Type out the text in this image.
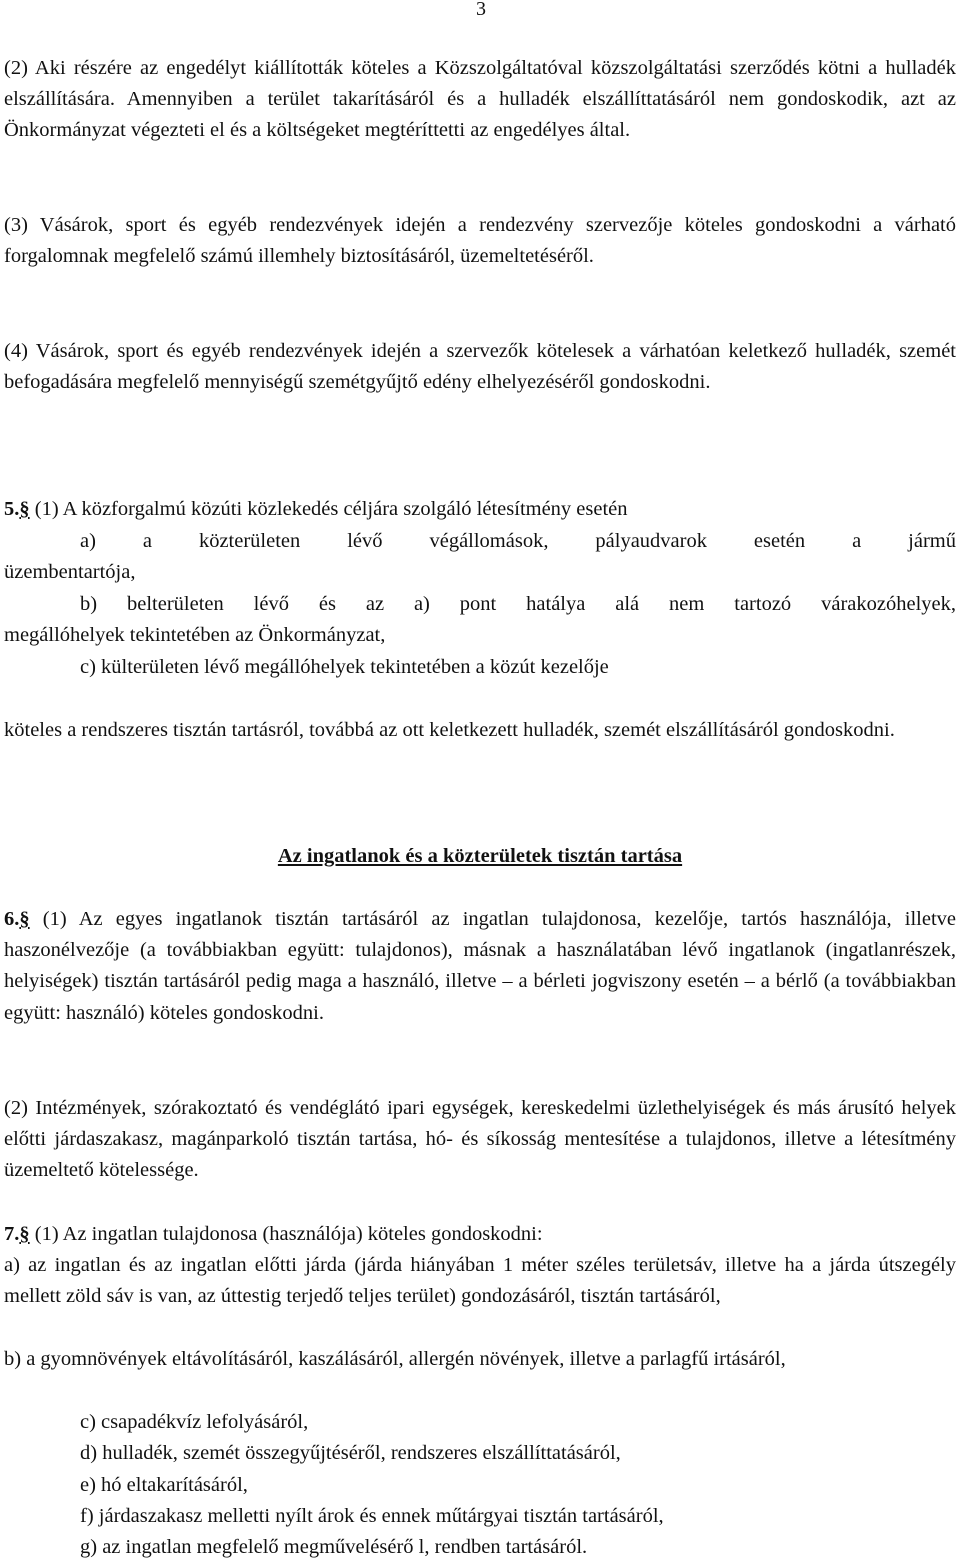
3

(2) Aki részére az engedélyt kiállították köteles a Közszolgáltatóval közszolgáltatási szerződés kötni a hulladék elszállítására. Amennyiben a terület takarításáról és a hulladék elszállíttatásáról nem gondoskodik, azt az Önkormányzat végezteti el és a költségeket megtéríttetti az engedélyes által.

(3) Vásárok, sport és egyéb rendezvények idején a rendezvény szervezője köteles gondoskodni a várható forgalomnak megfelelő számú illemhely biztosításáról, üzemeltetéséről.

(4) Vásárok, sport és egyéb rendezvények idején a szervezők kötelesek a várhatóan keletkező hulladék, szemét befogadására megfelelő mennyiségű szemétgyűjtő edény elhelyezéséről gondoskodni.

5.§ (1) A közforgalmú közúti közlekedés céljára szolgáló létesítmény esetén

a) a közterületen lévő végállomások, pályaudvarok esetén a jármű

üzembentartója,

b) belterületen lévő és az a) pont hatálya alá nem tartozó várakozóhelyek,

megállóhelyek tekintetében az Önkormányzat,

c) külterületen lévő megállóhelyek tekintetében a közút kezelője

köteles a rendszeres tisztán tartásról, továbbá az ott keletkezett hulladék, szemét elszállításáról gondoskodni.

Az ingatlanok és a közterületek tisztán tartása

6.§ (1) Az egyes ingatlanok tisztán tartásáról az ingatlan tulajdonosa, kezelője, tartós használója, illetve haszonélvezője (a továbbiakban együtt: tulajdonos), másnak a használatában lévő ingatlanok (ingatlanrészek, helyiségek) tisztán tartásáról pedig maga a használó, illetve – a bérleti jogviszony esetén – a bérlő (a továbbiakban együtt: használó) köteles gondoskodni.

(2) Intézmények, szórakoztató és vendéglátó ipari egységek, kereskedelmi üzlethelyiségek és más árusító helyek előtti járdaszakasz, magánparkoló tisztán tartása, hó- és síkosság mentesítése a tulajdonos, illetve a létesítmény üzemeltető kötelessége.

7.§ (1) Az ingatlan tulajdonosa (használója) köteles gondoskodni:

a) az ingatlan és az ingatlan előtti járda (járda hiányában 1 méter széles területsáv, illetve ha a járda útszegély mellett zöld sáv is van, az úttestig terjedő teljes terület) gondozásáról, tisztán tartásáról,

b) a gyomnövények eltávolításáról, kaszálásáról, allergén növények, illetve a parlagfű irtásáról,

c) csapadékvíz lefolyásáról,

d) hulladék, szemét összegyűjtéséről, rendszeres elszállíttatásáról,

e) hó eltakarításáról,

f) járdaszakasz melletti nyílt árok és ennek műtárgyai tisztán tartásáról,

g) az ingatlan megfelelő megművelésérő l, rendben tartásáról.
